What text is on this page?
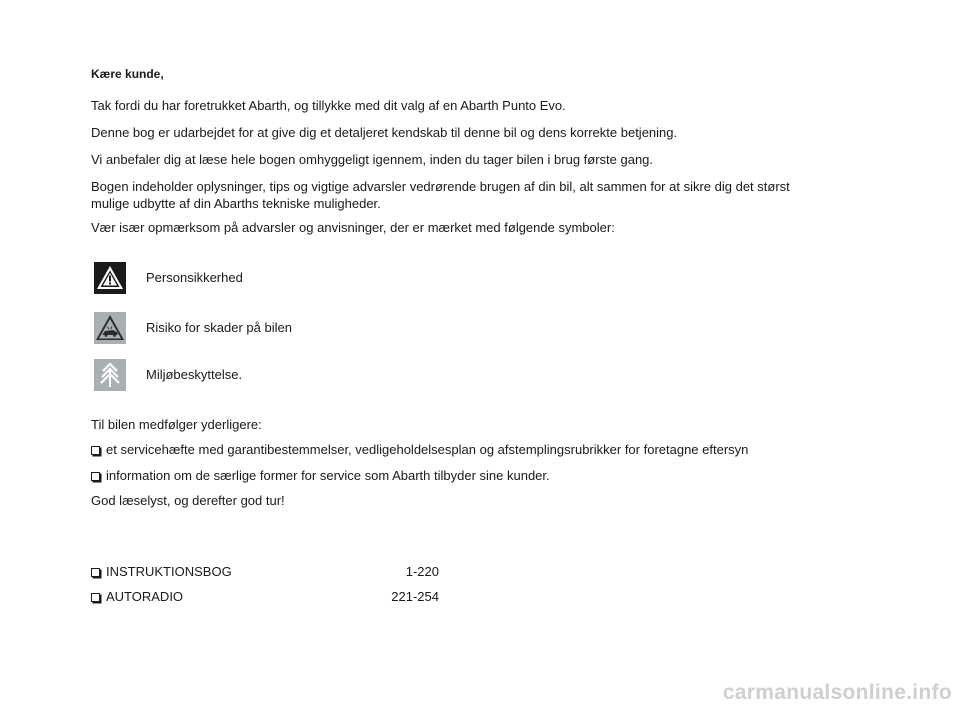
Kære kunde,

Tak fordi du har foretrukket Abarth, og tillykke med dit valg af en Abarth Punto Evo.

Denne bog er udarbejdet for at give dig et detaljeret kendskab til denne bil og dens korrekte betjening.

Vi anbefaler dig at læse hele bogen omhyggeligt igennem, inden du tager bilen i brug første gang.

Bogen indeholder oplysninger, tips og vigtige advarsler vedrørende brugen af din bil, alt sammen for at sikre dig det størst mulige udbytte af din Abarths tekniske muligheder.

Vær især opmærksom på advarsler og anvisninger, der er mærket med følgende symboler:

Personsikkerhed
Risiko for skader på bilen
Miljøbeskyttelse.

Til bilen medfølger yderligere:

et servicehæfte med garantibestemmelser, vedligeholdelsesplan og afstemplingsrubrikker for foretagne eftersyn

information om de særlige former for service som Abarth tilbyder sine kunder.

God læselyst, og derefter god tur!

INSTRUKTIONSBOG	1-220
AUTORADIO	221-254
carmanualsonline.info
